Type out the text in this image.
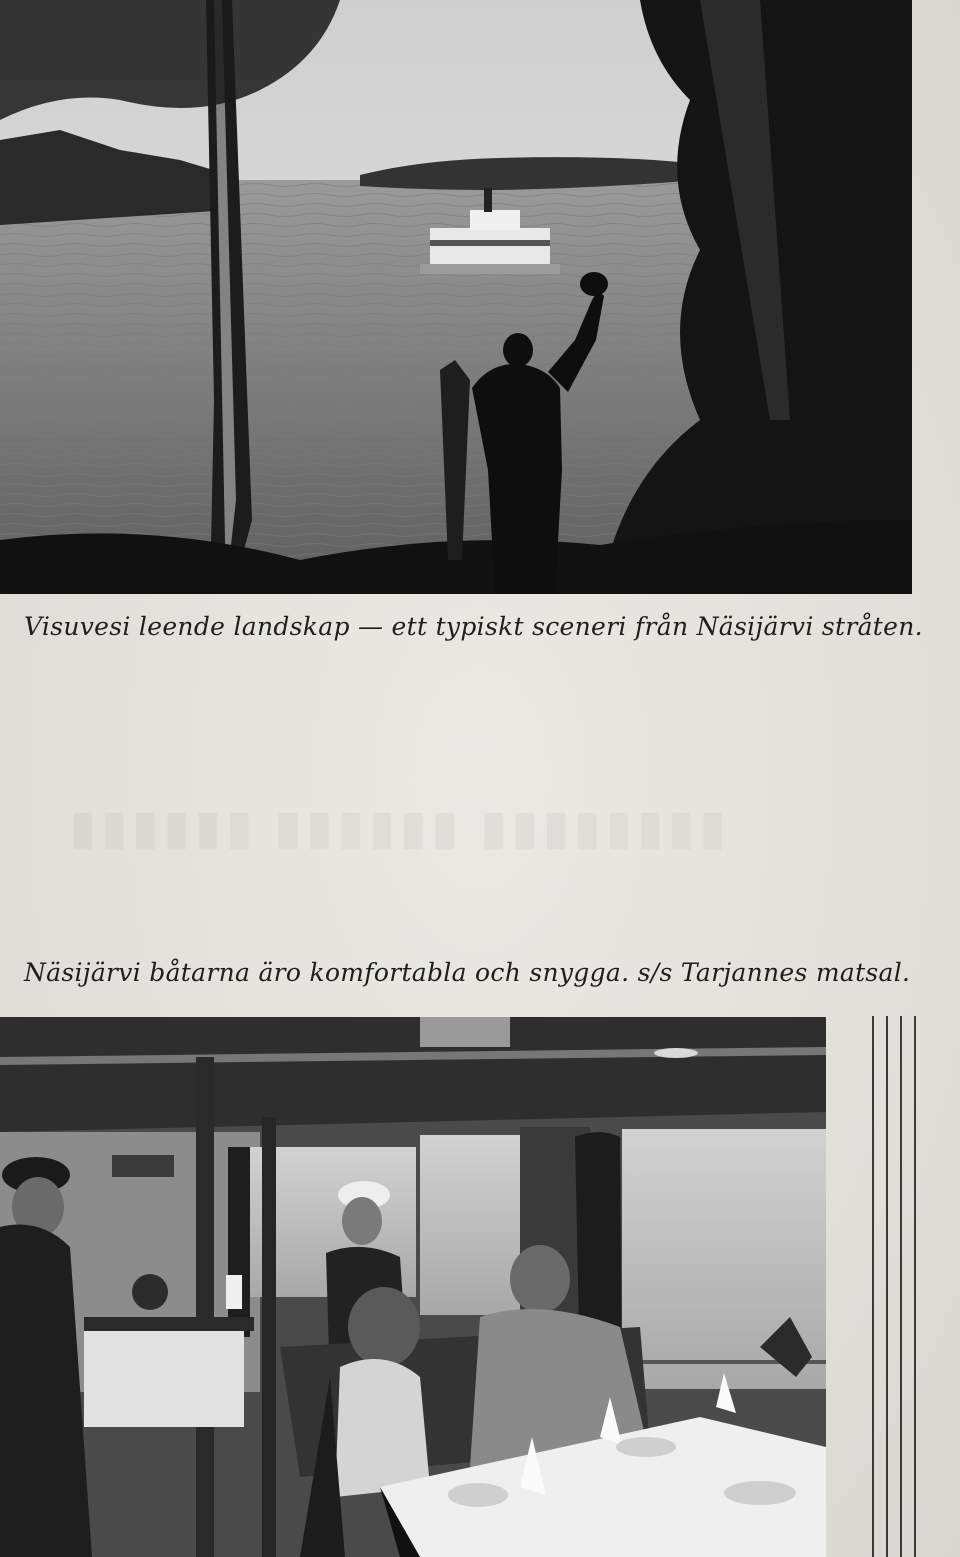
Visuvesi leende landskap — ett typiskt sceneri från Näsijärvi stråten.
Näsijärvi båtarna äro komfortabla och snygga. s/s Tarjannes matsal.
